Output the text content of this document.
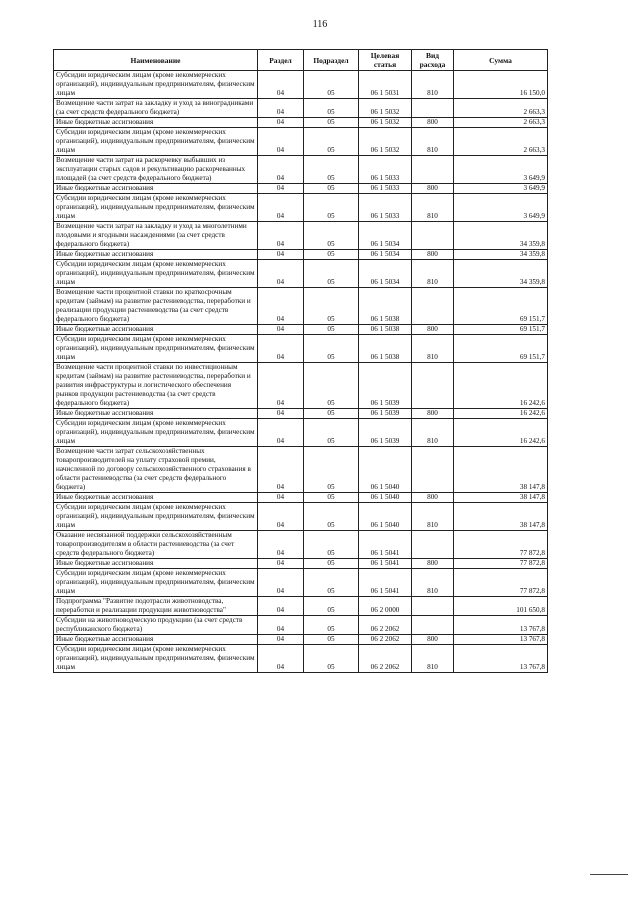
116
Наименование	Раздел	Подраздел	Целевая статья	Вид расхода	Сумма
Субсидии юридическим лицам (кроме некоммерческих организаций), индивидуальным предпринимателям, физическим лицам	04	05	06 1 5031	810	16 150,0
Возмещение части затрат на закладку и уход за виноградниками (за счет средств федерального бюджета)	04	05	06 1 5032		2 663,3
Иные бюджетные ассигнования	04	05	06 1 5032	800	2 663,3
Субсидии юридическим лицам (кроме некоммерческих организаций), индивидуальным предпринимателям, физическим лицам	04	05	06 1 5032	810	2 663,3
Возмещение части затрат на раскорчевку выбывших из эксплуатации старых садов и рекультивацию раскорчеванных площадей (за счет средств федерального бюджета)	04	05	06 1 5033		3 649,9
Иные бюджетные ассигнования	04	05	06 1 5033	800	3 649,9
Субсидии юридическим лицам (кроме некоммерческих организаций), индивидуальным предпринимателям, физическим лицам	04	05	06 1 5033	810	3 649,9
Возмещение части затрат на закладку и уход за многолетними плодовыми и ягодными насаждениями (за счет средств федерального бюджета)	04	05	06 1 5034		34 359,8
Иные бюджетные ассигнования	04	05	06 1 5034	800	34 359,8
Субсидии юридическим лицам (кроме некоммерческих организаций), индивидуальным предпринимателям, физическим лицам	04	05	06 1 5034	810	34 359,8
Возмещение части процентной ставки по краткосрочным кредитам (займам) на развитие растениеводства, переработки и реализации продукции растениеводства (за счет средств федерального бюджета)	04	05	06 1 5038		69 151,7
Иные бюджетные ассигнования	04	05	06 1 5038	800	69 151,7
Субсидии юридическим лицам (кроме некоммерческих организаций), индивидуальным предпринимателям, физическим лицам	04	05	06 1 5038	810	69 151,7
Возмещение части процентной ставки по инвестиционным кредитам (займам) на развитие растениеводства, переработки и развития инфраструктуры и логистического обеспечения рынков продукции растениеводства (за счет средств федерального бюджета)	04	05	06 1 5039		16 242,6
Иные бюджетные ассигнования	04	05	06 1 5039	800	16 242,6
Субсидии юридическим лицам (кроме некоммерческих организаций), индивидуальным предпринимателям, физическим лицам	04	05	06 1 5039	810	16 242,6
Возмещение части затрат сельскохозяйственных товаропроизводителей на уплату страховой премии, начисленной по договору сельскохозяйственного страхования в области растениеводства (за счет средств федерального бюджета)	04	05	06 1 5040		38 147,8
Иные бюджетные ассигнования	04	05	06 1 5040	800	38 147,8
Субсидии юридическим лицам (кроме некоммерческих организаций), индивидуальным предпринимателям, физическим лицам	04	05	06 1 5040	810	38 147,8
Оказание несвязанной поддержки сельскохозяйственным товаропроизводителям в области растениеводства (за счет средств федерального бюджета)	04	05	06 1 5041		77 872,8
Иные бюджетные ассигнования	04	05	06 1 5041	800	77 872,8
Субсидии юридическим лицам (кроме некоммерческих организаций), индивидуальным предпринимателям, физическим лицам	04	05	06 1 5041	810	77 872,8
Подпрограмма "Развитие подотрасли животноводства, переработки и реализации продукции животноводства"	04	05	06 2 0000		101 650,8
Субсидии на животноводческую продукцию (за счет средств республиканского бюджета)	04	05	06 2 2062		13 767,8
Иные бюджетные ассигнования	04	05	06 2 2062	800	13 767,8
Субсидии юридическим лицам (кроме некоммерческих организаций), индивидуальным предпринимателям, физическим лицам	04	05	06 2 2062	810	13 767,8
